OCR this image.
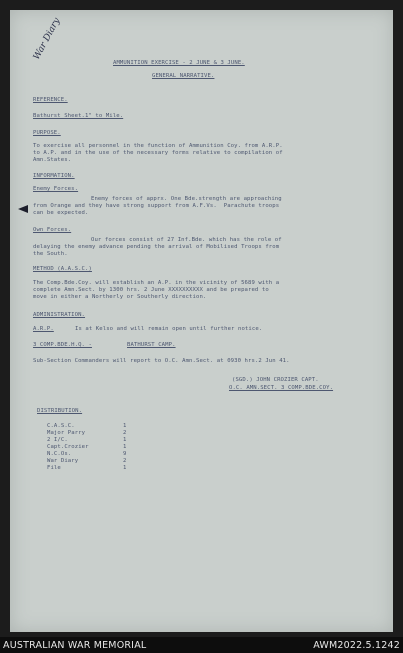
War Diary
AMMUNITION EXERCISE - 2 JUNE & 3 JUNE.
GENERAL NARRATIVE.
REFERENCE.
Bathurst Sheet.1" to Mile.
PURPOSE.
To exercise all personnel in the function of Ammunition Coy. from A.R.P.
to A.P. and in the use of the necessary forms relative to compilation of
Amn.States.
INFORMATION.
Enemy Forces.
Enemy forces of apprx. One Bde.strength are approaching
from Orange and they have strong support from A.F.Vs.  Parachute troops
can be expected.
Own Forces.
Our forces consist of 27 Inf.Bde. which has the role of
delaying the enemy advance pending the arrival of Mobilised Troops from
the South.
METHOD (A.A.S.C.)
The Comp.Bde.Coy. will establish an A.P. in the vicinity of 5689 with a
complete Amn.Sect. by 1300 hrs. 2 June XXXXXXXXXX and be prepared to
move in either a Northerly or Southerly direction.
ADMINISTRATION.
A.R.P.	Is at Kelso and will remain open until further notice.
3 COMP.BDE.H.Q. -	BATHURST CAMP.
Sub-Section Commanders will report to O.C. Amn.Sect. at 0930 hrs.2 Jun 41.
(SGD.) JOHN CROZIER CAPT.
O.C. AMN.SECT. 3 COMP.BDE.COY.
DISTRIBUTION.
C.A.S.C.	1
Major Parry	2
2 I/C.	1
Capt.Crozier	1
N.C.Os.	9
War Diary	2
File	1
AUSTRALIAN WAR MEMORIAL	AWM2022.5.1242
